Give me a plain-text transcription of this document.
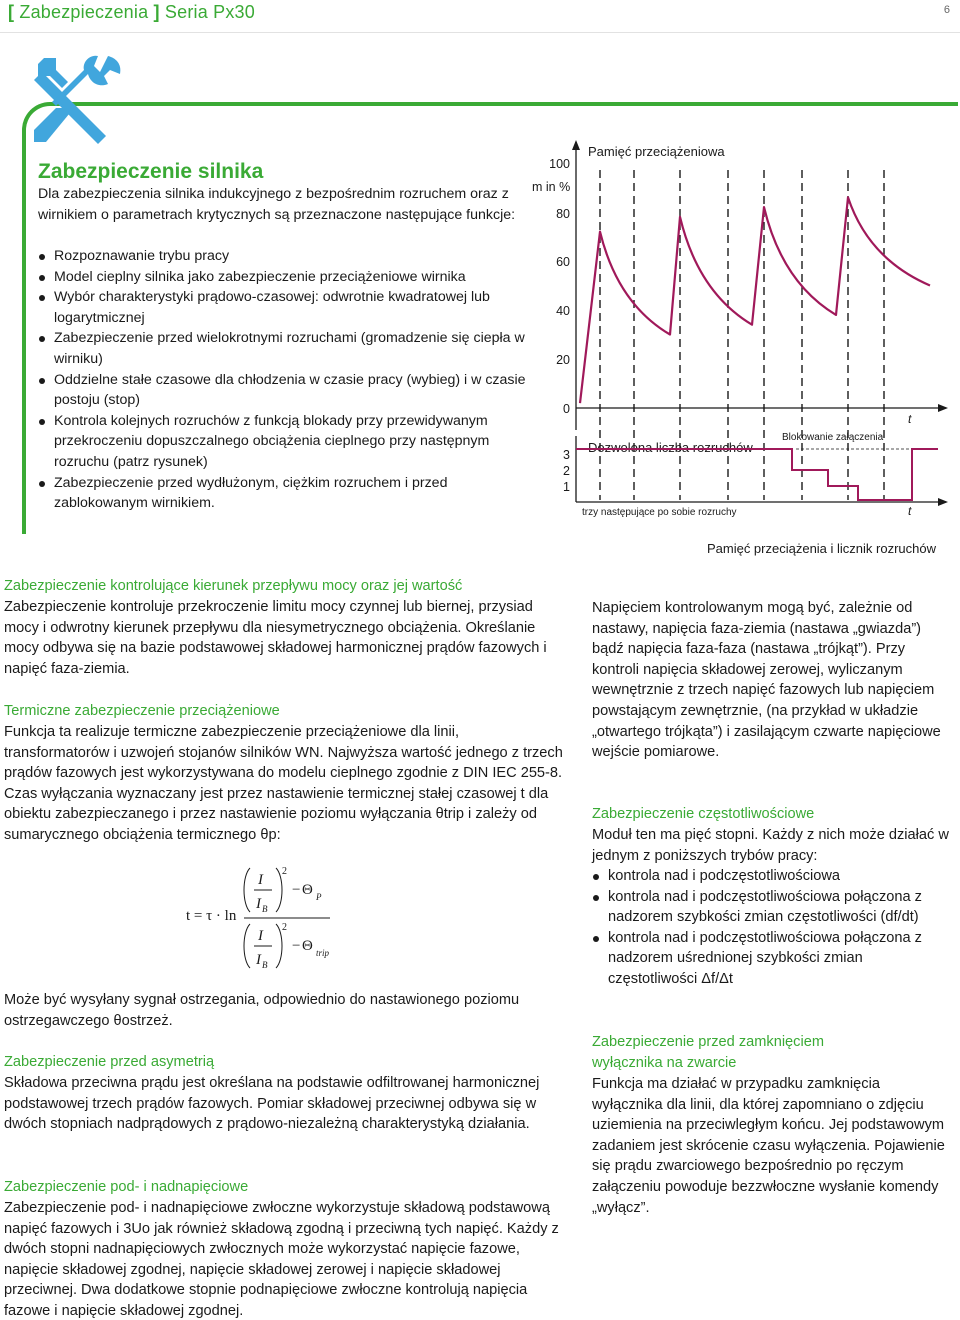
[ Zabezpieczenia ] Seria Px30	6
Zabezpieczenie silnika
Dla zabezpieczenia silnika indukcyjnego z bezpośrednim rozruchem oraz z wirnikiem o parametrach krytycznych są przeznaczone następujące funkcje:
Rozpoznawanie trybu pracy
Model cieplny silnika jako zabezpieczenie przeciążeniowe wirnika
Wybór charakterystyki prądowo-czasowej: odwrotnie kwadratowej lub logarytmicznej
Zabezpieczenie przed wielokrotnymi rozruchami (gromadzenie się ciepła w wirniku)
Oddzielne stałe czasowe dla chłodzenia w czasie pracy (wybieg) i w czasie postoju (stop)
Kontrola kolejnych rozruchów z funkcją blokady przy przewidywanym przekroczeniu dopuszczalnego obciążenia cieplnego przy następnym rozruchu (patrz rysunek)
Zabezpieczenie przed wydłużonym, ciężkim rozruchem i przed zablokowanym wirnikiem.
Pamięć przeciążeniowa
m in %
100
80
60
40
20
0
t
Dozwolona liczba rozruchów
3
2
1
Blokowanie załączenia
trzy następujące po sobie rozruchy	t
Pamięć przeciążenia i licznik rozruchów
Zabezpieczenie kontrolujące kierunek przepływu mocy oraz jej wartość
Zabezpieczenie kontroluje przekroczenie limitu mocy czynnej lub biernej, przysiad mocy i odwrotny kierunek przepływu dla niesymetrycznego obciążenia. Określanie mocy odbywa się na bazie podstawowej składowej harmonicznej prądów fazowych i napięć faza-ziemia.
Termiczne zabezpieczenie przeciążeniowe
Funkcja ta realizuje termiczne zabezpieczenie przeciążeniowe dla linii, transformatorów i uzwojeń stojanów silników WN. Najwyższa wartość jednego z trzech prądów fazowych jest wykorzystywana do modelu cieplnego zgodnie z DIN IEC 255-8. Czas wyłączania wyznaczany jest przez nastawienie termicznej stałej czasowej t dla obiektu zabezpieczanego i przez nastawienie poziomu wyłączania θtrip i zależy od sumarycznego obciążenia termicznego θp:
t = τ · ln
I
I B
2
− Θ P
I
I B
2
− Θ trip
Może być wysyłany sygnał ostrzegania, odpowiednio do nastawionego poziomu ostrzegawczego θostrzeż.
Zabezpieczenie przed asymetrią
Składowa przeciwna prądu jest określana na podstawie odfiltrowanej harmonicznej podstawowej trzech prądów fazowych. Pomiar składowej przeciwnej odbywa się w dwóch stopniach nadprądowych z prądowo-niezależną charakterystyką działania.
Zabezpieczenie pod- i nadnapięciowe
Zabezpieczenie pod- i nadnapięciowe zwłoczne wykorzystuje składową podstawową napięć fazowych i 3Uo jak również składową zgodną i przeciwną tych napięć. Każdy z dwóch stopni nadnapięciowych zwłocznych może wykorzystać napięcie fazowe, napięcie składowej zgodnej, napięcie składowej zerowej i napięcie składowej przeciwnej. Dwa dodatkowe stopnie podnapięciowe zwłoczne kontrolują napięcia fazowe i napięcie składowej zgodnej.
Napięciem kontrolowanym mogą być, zależnie od nastawy, napięcia faza-ziemia (nastawa „gwiazda”) bądź napięcia faza-faza (nastawa „trójkąt”). Przy kontroli napięcia składowej zerowej, wyliczanym wewnętrznie z trzech napięć fazowych lub napięciem powstającym zewnętrznie, (na przykład w układzie „otwartego trójkąta”) i zasilającym czwarte napięciowe wejście pomiarowe.
Zabezpieczenie częstotliwościowe
Moduł ten ma pięć stopni. Każdy z nich może działać w jednym z poniższych trybów pracy:
kontrola nad i podczęstotliwościowa
kontrola nad i podczęstotliwościowa połączona z nadzorem szybkości zmian częstotliwości (df/dt)
kontrola nad i podczęstotliwościowa połączona z nadzorem uśrednionej szybkości zmian częstotliwości Δf/Δt
Zabezpieczenie przed zamknięciem wyłącznika na zwarcie
Funkcja ma działać w przypadku zamknięcia wyłącznika dla linii, dla której zapomniano o zdjęciu uziemienia na przeciwległym końcu. Jej podstawowym zadaniem jest skrócenie czasu wyłączenia. Pojawienie się prądu zwarciowego bezpośrednio po ręczym załączeniu powoduje bezzwłoczne wysłanie komendy „wyłącz”.
